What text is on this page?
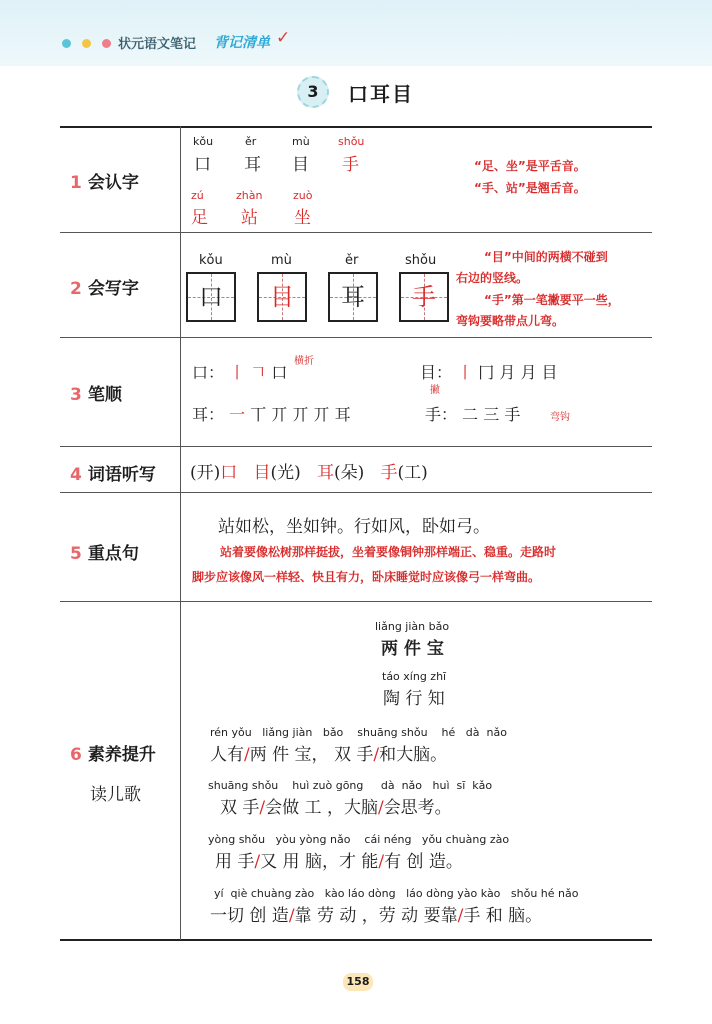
状元语文笔记 背记清单 ✓
3	口耳目
1 会认字
kǒu	ěr	mù	shǒu
口 耳 目 手
zú	zhàn	zuò
足 站 坐
“足、坐”是平舌音。
“手、站”是翘舌音。
2 会写字
kǒu	mù	ěr	shǒu
口	目	耳	手
“目”中间的两横不碰到
右边的竖线。
“手”第一笔撇要平一些，
弯钩要略带点儿弯。
3 笔顺
口： 丨 𠃍 口
横折
目： 丨 冂 月 月 目
耳： 一 丅 丌 丌 丌 耳
撇
手： 二 三 手	弯钩
4 词语听写 (开)口 目(光) 耳(朵) 手(工)
5 重点句
站如松，坐如钟。行如风，卧如弓。
站着要像松树那样挺拔，坐着要像铜钟那样端正、稳重。走路时
脚步应该像风一样轻、快且有力，卧床睡觉时应该像弓一样弯曲。
6 素养提升
读儿歌
liǎng jiàn bǎo
两 件 宝
táo xíng zhī
陶 行 知
rén yǒu   liǎng jiàn   bǎo    shuāng shǒu    hé   dà  nǎo
人有/两 件 宝， 双 手/和大脑。
shuāng shǒu    huì zuò gōng     dà  nǎo   huì  sī  kǎo
双 手/会做 工 ，大脑/会思考。
yòng shǒu   yòu yòng nǎo    cái néng   yǒu chuàng zào
用 手/又 用 脑，才 能/有 创 造。
yí  qiè chuàng zào   kào láo dòng   láo dòng yào kào   shǒu hé nǎo
一切 创 造/靠 劳 动 ，劳 动 要靠/手 和 脑。
158
